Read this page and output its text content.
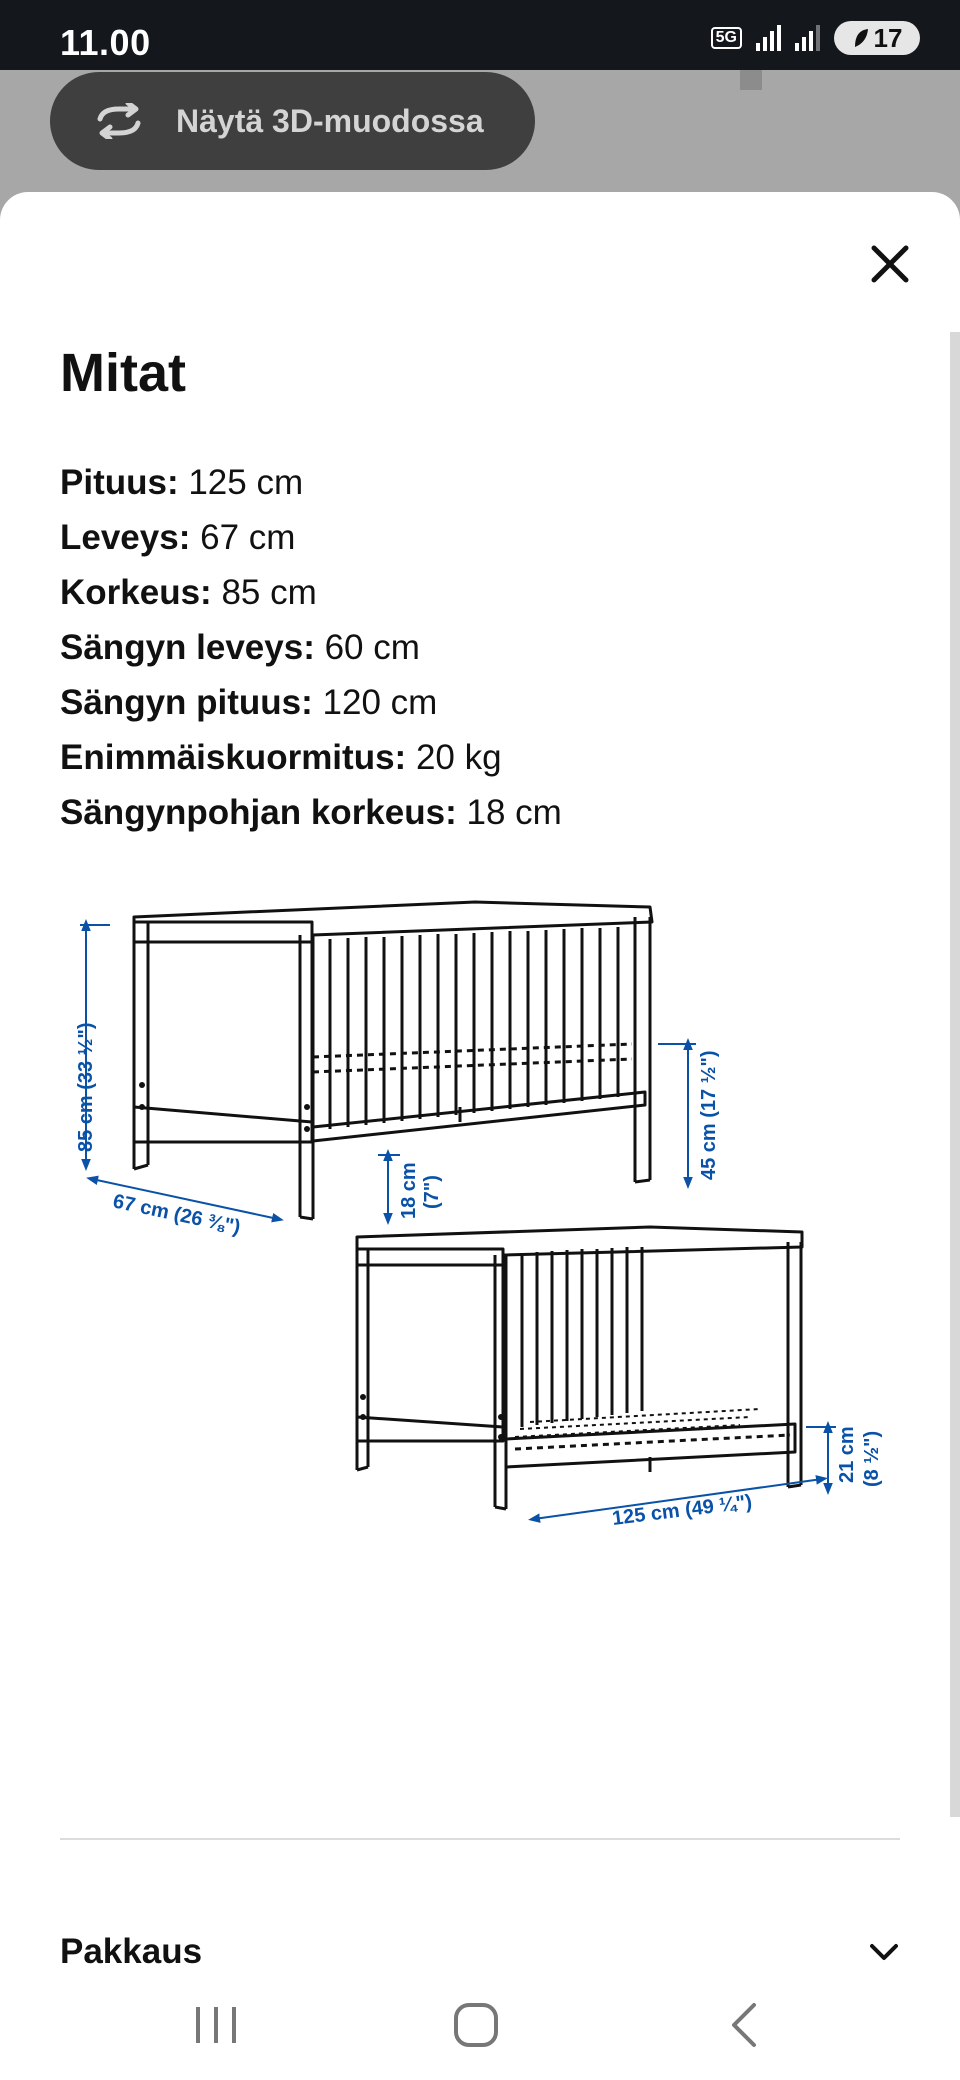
11.00	5G	17
Näytä 3D-muodossa
Mitat
Pituus: 125 cm
Leveys: 67 cm
Korkeus: 85 cm
Sängyn leveys: 60 cm
Sängyn pituus: 120 cm
Enimmäiskuormitus: 20 kg
Sängynpohjan korkeus: 18 cm
85 cm (33 ½")
67 cm (26 ⅜")	18 cm (7")
45 cm (17 ½")
125 cm (49 ¼")
21 cm (8 ½")
Pakkaus
